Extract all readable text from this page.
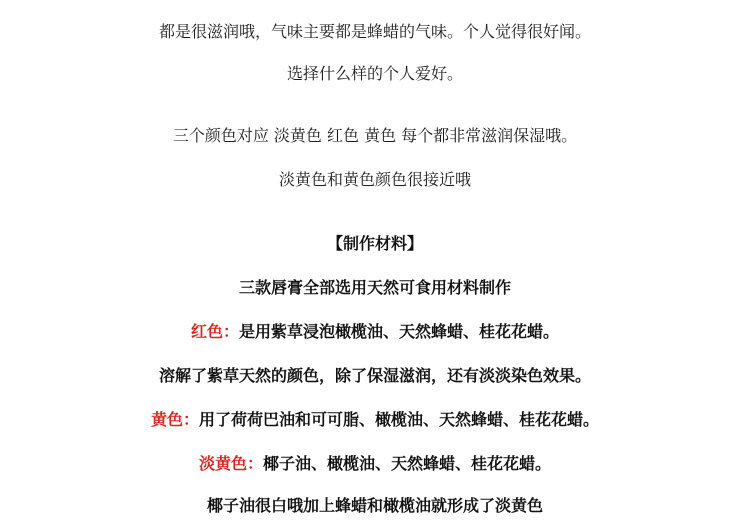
都是很滋润哦，气味主要都是蜂蜡的气味。个人觉得很好闻。
选择什么样的个人爱好。
三个颜色对应 淡黄色 红色 黄色 每个都非常滋润保湿哦。
淡黄色和黄色颜色很接近哦
【制作材料】
三款唇膏全部选用天然可食用材料制作
红色：是用紫草浸泡橄榄油、天然蜂蜡、桂花花蜡。
溶解了紫草天然的颜色，除了保湿滋润，还有淡淡染色效果。
黄色：用了荷荷巴油和可可脂、橄榄油、天然蜂蜡、桂花花蜡。
淡黄色：椰子油、橄榄油、天然蜂蜡、桂花花蜡。
椰子油很白哦加上蜂蜡和橄榄油就形成了淡黄色
